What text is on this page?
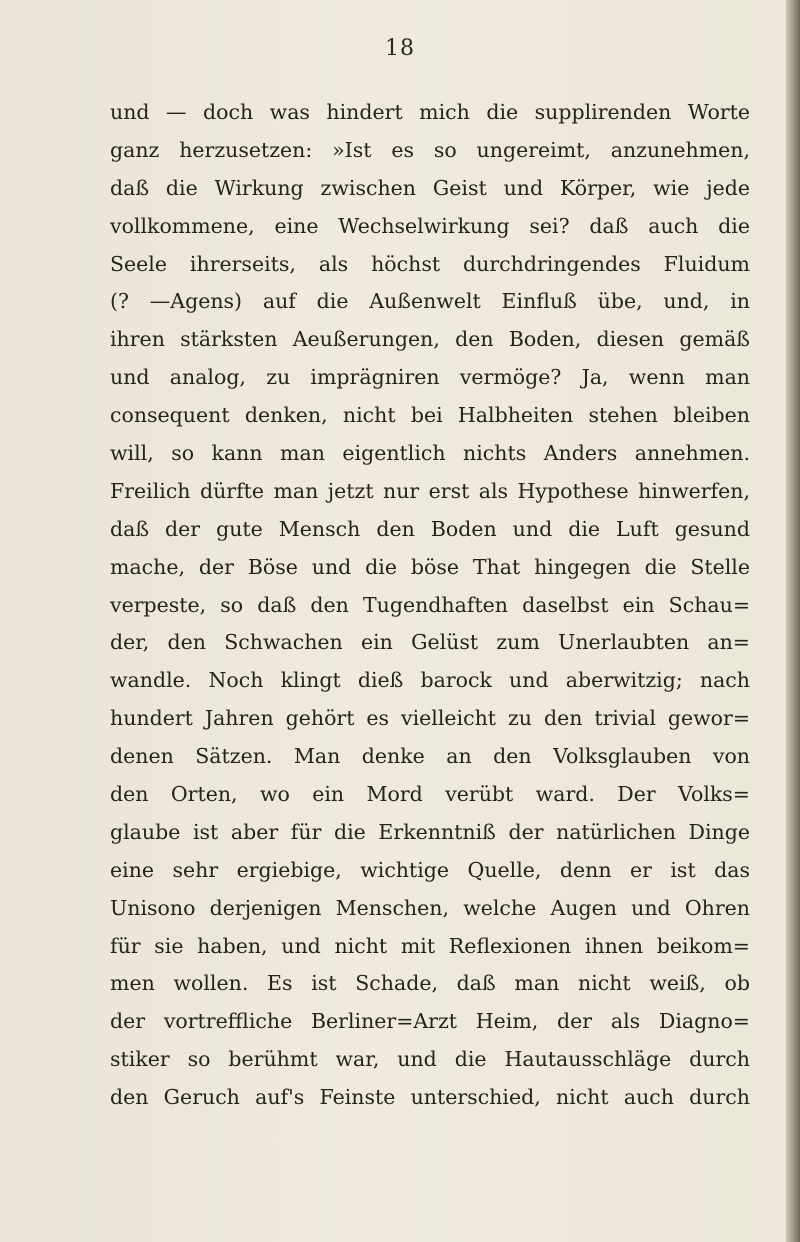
18
und — doch was hindert mich die supplirenden Worte
ganz herzusetzen: »Ist es so ungereimt, anzunehmen,
daß die Wirkung zwischen Geist und Körper, wie jede
vollkommene, eine Wechselwirkung sei? daß auch die
Seele ihrerseits, als höchst durchdringendes Fluidum
(? —Agens) auf die Außenwelt Einfluß übe, und, in
ihren stärksten Aeußerungen, den Boden, diesen gemäß
und analog, zu imprägniren vermöge? Ja, wenn man
consequent denken, nicht bei Halbheiten stehen bleiben
will, so kann man eigentlich nichts Anders annehmen.
Freilich dürfte man jetzt nur erst als Hypothese hinwerfen,
daß der gute Mensch den Boden und die Luft gesund
mache, der Böse und die böse That hingegen die Stelle
verpeste, so daß den Tugendhaften daselbst ein Schau=
der, den Schwachen ein Gelüst zum Unerlaubten an=
wandle. Noch klingt dieß barock und aberwitzig; nach
hundert Jahren gehört es vielleicht zu den trivial gewor=
denen Sätzen. Man denke an den Volksglauben von
den Orten, wo ein Mord verübt ward. Der Volks=
glaube ist aber für die Erkenntniß der natürlichen Dinge
eine sehr ergiebige, wichtige Quelle, denn er ist das
Unisono derjenigen Menschen, welche Augen und Ohren
für sie haben, und nicht mit Reflexionen ihnen beikom=
men wollen. Es ist Schade, daß man nicht weiß, ob
der vortreffliche Berliner=Arzt Heim, der als Diagno=
stiker so berühmt war, und die Hautausschläge durch
den Geruch auf's Feinste unterschied, nicht auch durch
